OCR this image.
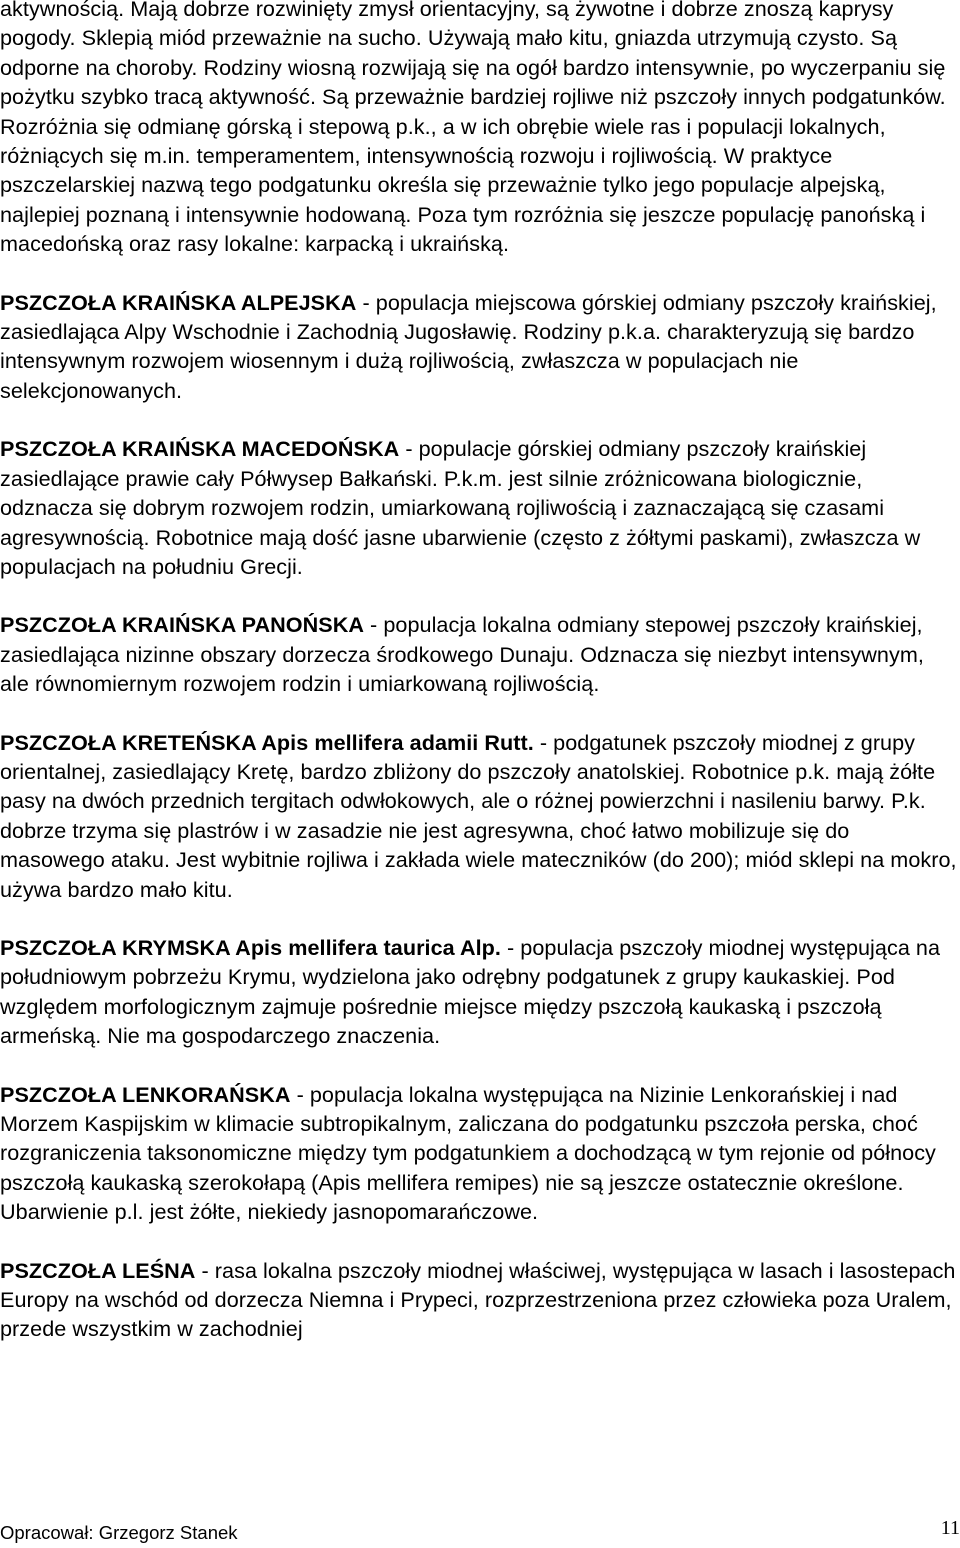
aktywnością. Mają dobrze rozwinięty zmysł orientacyjny, są żywotne i dobrze znoszą kaprysy pogody. Sklepią miód przeważnie na sucho. Używają mało kitu, gniazda utrzymują czysto. Są odporne na choroby. Rodziny wiosną rozwijają się na ogół bardzo intensywnie, po wyczerpaniu się pożytku szybko tracą aktywność. Są przeważnie bardziej rojliwe niż pszczoły innych podgatunków. Rozróżnia się odmianę górską i stepową p.k., a w ich obrębie wiele ras i populacji lokalnych, różniących się m.in. temperamentem, intensywnością rozwoju i rojliwością. W praktyce pszczelarskiej nazwą tego podgatunku określa się przeważnie tylko jego populacje alpejską, najlepiej poznaną i intensywnie hodowaną. Poza tym rozróżnia się jeszcze populację panońską i macedońską oraz rasy lokalne: karpacką i ukraińską.

PSZCZOŁA KRAIŃSKA ALPEJSKA - populacja miejscowa górskiej odmiany pszczoły kraińskiej, zasiedlająca Alpy Wschodnie i Zachodnią Jugosławię. Rodziny p.k.a. charakteryzują się bardzo intensywnym rozwojem wiosennym i dużą rojliwością, zwłaszcza w populacjach nie selekcjonowanych.

PSZCZOŁA KRAIŃSKA MACEDOŃSKA - populacje górskiej odmiany pszczoły kraińskiej zasiedlające prawie cały Półwysep Bałkański. P.k.m. jest silnie zróżnicowana biologicznie, odznacza się dobrym rozwojem rodzin, umiarkowaną rojliwością i zaznaczającą się czasami agresywnością. Robotnice mają dość jasne ubarwienie (często z żółtymi paskami), zwłaszcza w populacjach na południu Grecji.

PSZCZOŁA KRAIŃSKA PANOŃSKA - populacja lokalna odmiany stepowej pszczoły kraińskiej, zasiedlająca nizinne obszary dorzecza środkowego Dunaju. Odznacza się niezbyt intensywnym, ale równomiernym rozwojem rodzin i umiarkowaną rojliwością.

PSZCZOŁA KRETEŃSKA Apis mellifera adamii Rutt. - podgatunek pszczoły miodnej z grupy orientalnej, zasiedlający Kretę, bardzo zbliżony do pszczoły anatolskiej. Robotnice p.k. mają żółte pasy na dwóch przednich tergitach odwłokowych, ale o różnej powierzchni i nasileniu barwy. P.k. dobrze trzyma się plastrów i w zasadzie nie jest agresywna, choć łatwo mobilizuje się do masowego ataku. Jest wybitnie rojliwa i zakłada wiele mateczników (do 200); miód sklepi na mokro, używa bardzo mało kitu.

PSZCZOŁA KRYMSKA Apis mellifera taurica Alp. - populacja pszczoły miodnej występująca na południowym pobrzeżu Krymu, wydzielona jako odrębny podgatunek z grupy kaukaskiej. Pod względem morfologicznym zajmuje pośrednie miejsce między pszczołą kaukaską i pszczołą armeńską. Nie ma gospodarczego znaczenia.

PSZCZOŁA LENKORAŃSKA - populacja lokalna występująca na Nizinie Lenkorańskiej i nad Morzem Kaspijskim w klimacie subtropikalnym, zaliczana do podgatunku pszczoła perska, choć rozgraniczenia taksonomiczne między tym podgatunkiem a dochodzącą w tym rejonie od północy pszczołą kaukaską szerokołapą (Apis mellifera remipes) nie są jeszcze ostatecznie określone. Ubarwienie p.l. jest żółte, niekiedy jasnopomarańczowe.

PSZCZOŁA LEŚNA - rasa lokalna pszczoły miodnej właściwej, występująca w lasach i lasostepach Europy na wschód od dorzecza Niemna i Prypeci, rozprzestrzeniona przez człowieka poza Uralem, przede wszystkim w zachodniej

Opracował: Grzegorz Stanek	11
